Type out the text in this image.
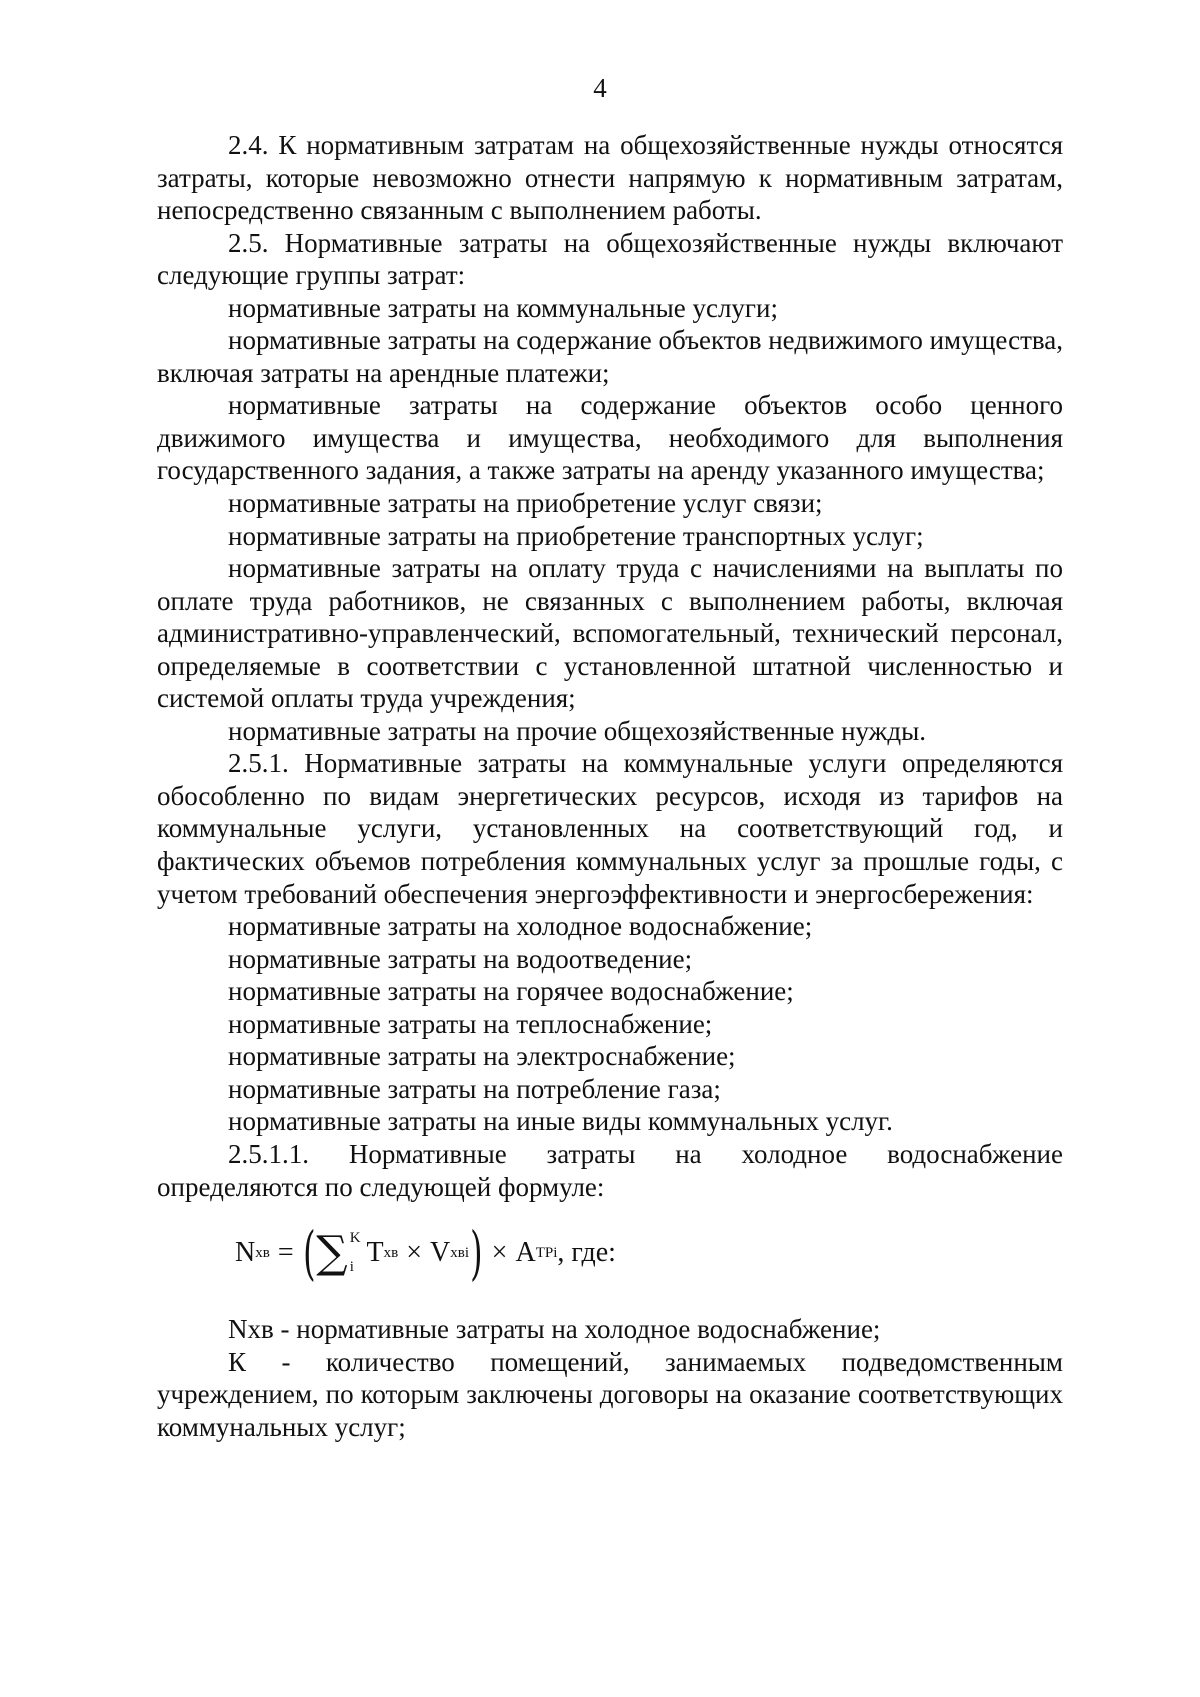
4

2.4. К нормативным затратам на общехозяйственные нужды относятся затраты, которые невозможно отнести напрямую к нормативным затратам, непосредственно связанным с выполнением работы.

2.5. Нормативные затраты на общехозяйственные нужды включают следующие группы затрат:

нормативные затраты на коммунальные услуги;

нормативные затраты на содержание объектов недвижимого имущества, включая затраты на арендные платежи;

нормативные затраты на содержание объектов особо ценного движимого имущества и имущества, необходимого для выполнения государственного задания, а также затраты на аренду указанного имущества;

нормативные затраты на приобретение услуг связи;

нормативные затраты на приобретение транспортных услуг;

нормативные затраты на оплату труда с начислениями на выплаты по оплате труда работников, не связанных с выполнением работы, включая административно-управленческий, вспомогательный, технический персонал, определяемые в соответствии с установленной штатной численностью и системой оплаты труда учреждения;

нормативные затраты на прочие общехозяйственные нужды.

2.5.1. Нормативные затраты на коммунальные услуги определяются обособленно по видам энергетических ресурсов, исходя из тарифов на коммунальные услуги, установленных на соответствующий год, и фактических объемов потребления коммунальных услуг за прошлые годы, с учетом требований обеспечения энергоэффективности и энергосбережения:

нормативные затраты на холодное водоснабжение;

нормативные затраты на водоотведение;

нормативные затраты на горячее водоснабжение;

нормативные затраты на теплоснабжение;

нормативные затраты на электроснабжение;

нормативные затраты на потребление газа;

нормативные затраты на иные виды коммунальных услуг.

2.5.1.1. Нормативные затраты на холодное водоснабжение определяются по следующей формуле:

N хв = ( ∑ K
i T хв × V хвi ) × A TPi , где:

Nхв - нормативные затраты на холодное водоснабжение;

К - количество помещений, занимаемых подведомственным учреждением, по которым заключены договоры на оказание соответствующих коммунальных услуг;
